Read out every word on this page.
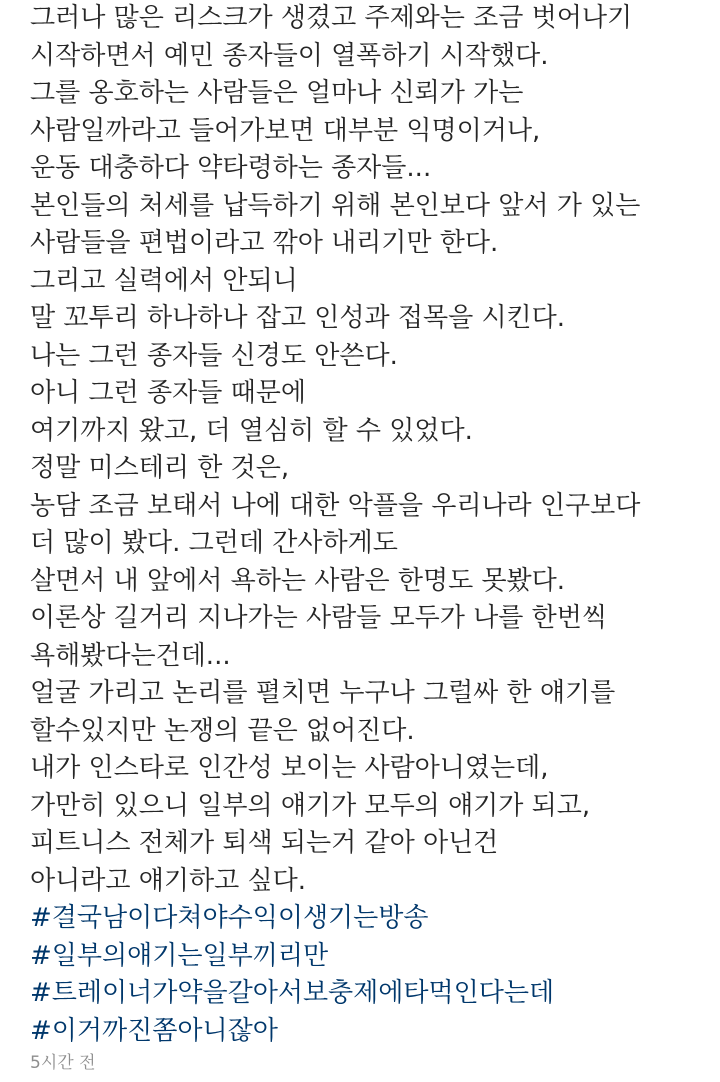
그러나 많은 리스크가 생겼고 주제와는 조금 벗어나기
시작하면서 예민 종자들이 열폭하기 시작했다.
그를 옹호하는 사람들은 얼마나 신뢰가 가는
사람일까라고 들어가보면 대부분 익명이거나,
운동 대충하다 약타령하는 종자들...
본인들의 처세를 납득하기 위해 본인보다 앞서 가 있는
사람들을 편법이라고 깎아 내리기만 한다.
그리고 실력에서 안되니
말 꼬투리 하나하나 잡고 인성과 접목을 시킨다.
나는 그런 종자들 신경도 안쓴다.
아니 그런 종자들 때문에
여기까지 왔고, 더 열심히 할 수 있었다.
정말 미스테리 한 것은,
농담 조금 보태서 나에 대한 악플을 우리나라 인구보다
더 많이 봤다. 그런데 간사하게도
살면서 내 앞에서 욕하는 사람은 한명도 못봤다.
이론상 길거리 지나가는 사람들 모두가 나를 한번씩
욕해봤다는건데...
얼굴 가리고 논리를 펼치면 누구나 그럴싸 한 얘기를
할수있지만 논쟁의 끝은 없어진다.
내가 인스타로 인간성 보이는 사람아니였는데,
가만히 있으니 일부의 얘기가 모두의 얘기가 되고,
피트니스 전체가 퇴색 되는거 같아 아닌건
아니라고 얘기하고 싶다.
#결국남이다쳐야수익이생기는방송
#일부의얘기는일부끼리만
#트레이너가약을갈아서보충제에타먹인다는데
#이거까진쫌아니잖아
5시간 전
